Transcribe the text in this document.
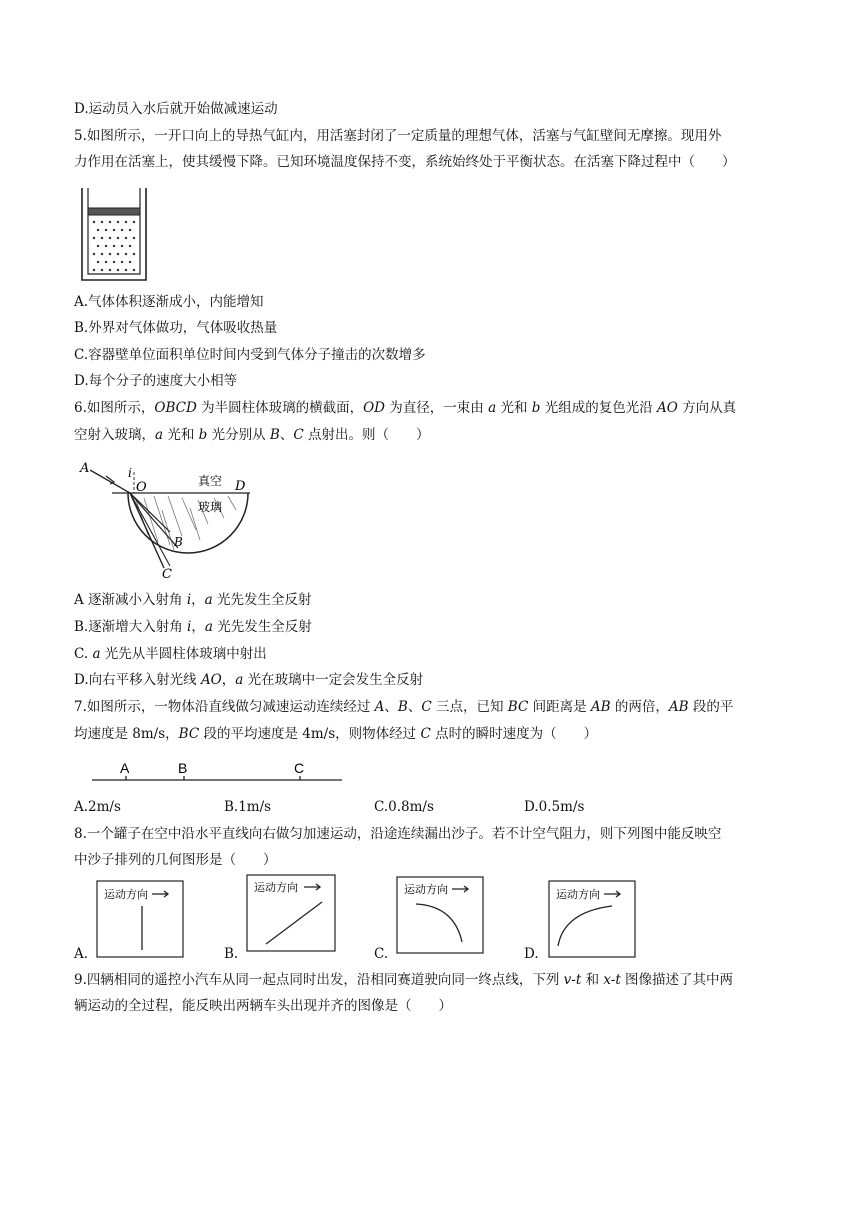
D.运动员入水后就开始做减速运动
5.如图所示，一开口向上的导热气缸内，用活塞封闭了一定质量的理想气体，活塞与气缸壁间无摩擦。现用外
力作用在活塞上，使其缓慢下降。已知环境温度保持不变，系统始终处于平衡状态。在活塞下降过程中（　　）
A.气体体积逐渐成小，内能增知
B.外界对气体做功，气体吸收热量
C.容器壁单位面积单位时间内受到气体分子撞击的次数增多
D.每个分子的速度大小相等
6.如图所示，OBCD 为半圆柱体玻璃的横截面，OD 为直径，一束由 a 光和 b 光组成的复色光沿 AO 方向从真
空射入玻璃，a 光和 b 光分别从 B、C 点射出。则（　　）
A	i
O	D
B
C
真空
玻璃
A 逐渐减小入射角 i，a 光先发生全反射
B.逐渐增大入射角 i，a 光先发生全反射
C. a 光先从半圆柱体玻璃中射出
D.向右平移入射光线 AO，a 光在玻璃中一定会发生全反射
7.如图所示，一物体沿直线做匀减速运动连续经过 A、B、C 三点，已知 BC 间距离是 AB 的两倍，AB 段的平
均速度是 8m/s，BC 段的平均速度是 4m/s，则物体经过 C 点时的瞬时速度为（　　）
A	B	C
A.2m/s	B.1m/s	C.0.8m/s	D.0.5m/s
8.一个罐子在空中沿水平直线向右做匀加速运动，沿途连续漏出沙子。若不计空气阻力，则下列图中能反映空
中沙子排列的几何图形是（　　）
运动方向
运动方向	运动方向	运动方向
A.	B.	C.	D.
9.四辆相同的遥控小汽车从同一起点同时出发，沿相同赛道驶向同一终点线，下列 v-t 和 x-t 图像描述了其中两
辆运动的全过程，能反映出两辆车头出现并齐的图像是（　　）
